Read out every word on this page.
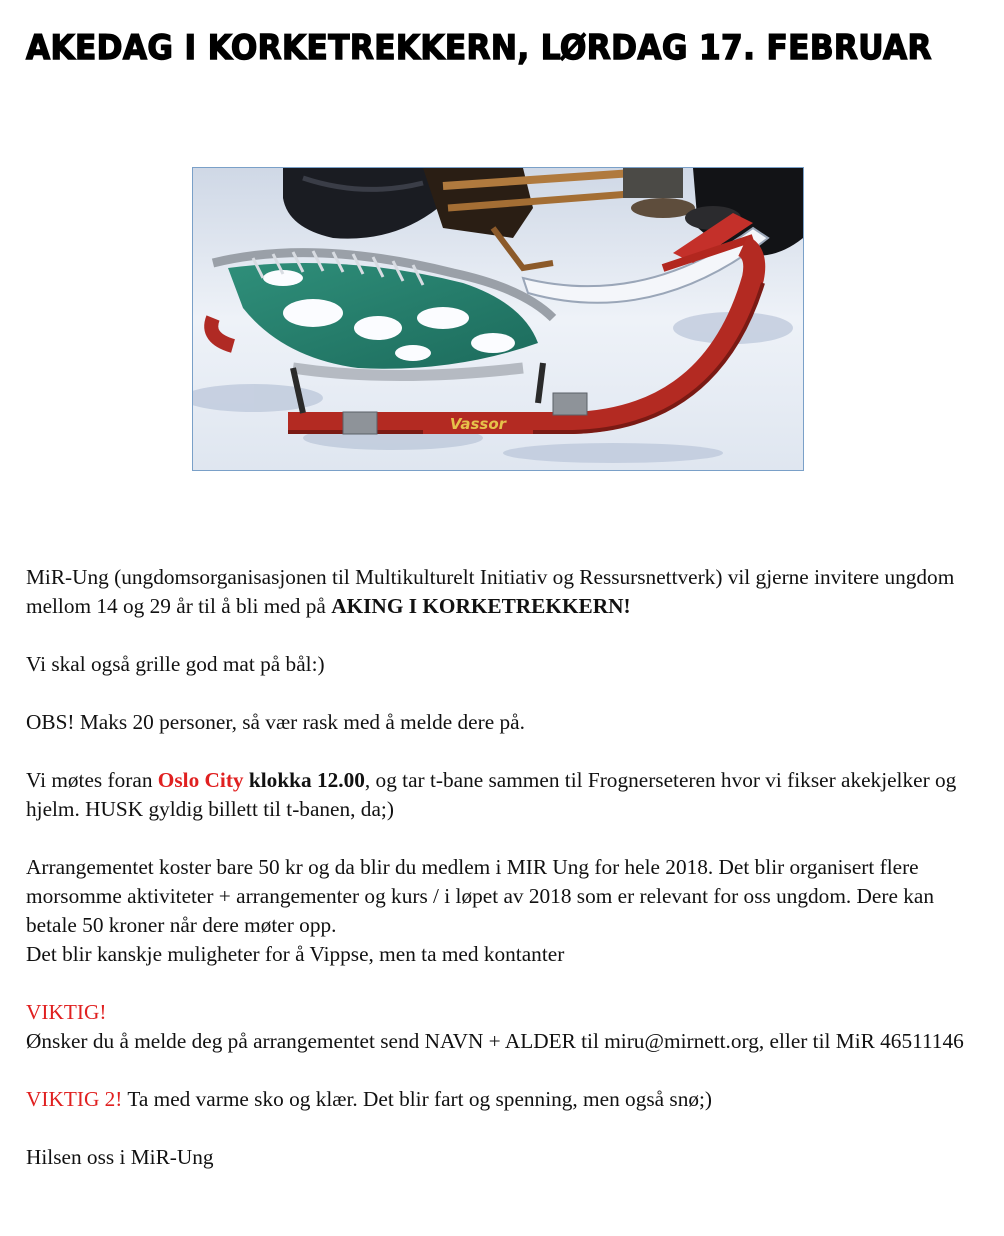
AKEDAG I KORKETREKKERN, LØRDAG 17. FEBRUAR
Vassor

MiR-Ung (ungdomsorganisasjonen til Multikulturelt Initiativ og Ressursnettverk) vil gjerne invitere ungdom mellom 14 og 29 år til å bli med på AKING I KORKETREKKERN!

Vi skal også grille god mat på bål:)

OBS! Maks 20 personer, så vær rask med å melde dere på.

Vi møtes foran Oslo City klokka 12.00, og tar t-bane sammen til Frognerseteren hvor vi fikser akekjelker og hjelm. HUSK gyldig billett til t-banen, da;)

Arrangementet koster bare 50 kr og da blir du medlem i MIR Ung for hele 2018. Det blir organisert flere morsomme aktiviteter + arrangementer og kurs / i løpet av 2018 som er relevant for oss ungdom. Dere kan betale 50 kroner når dere møter opp.
Det blir kanskje muligheter for å Vippse, men ta med kontanter

VIKTIG!
Ønsker du å melde deg på arrangementet send NAVN + ALDER til miru@mirnett.org, eller til MiR 46511146

VIKTIG 2! Ta med varme sko og klær. Det blir fart og spenning, men også snø;)

Hilsen oss i MiR-Ung
